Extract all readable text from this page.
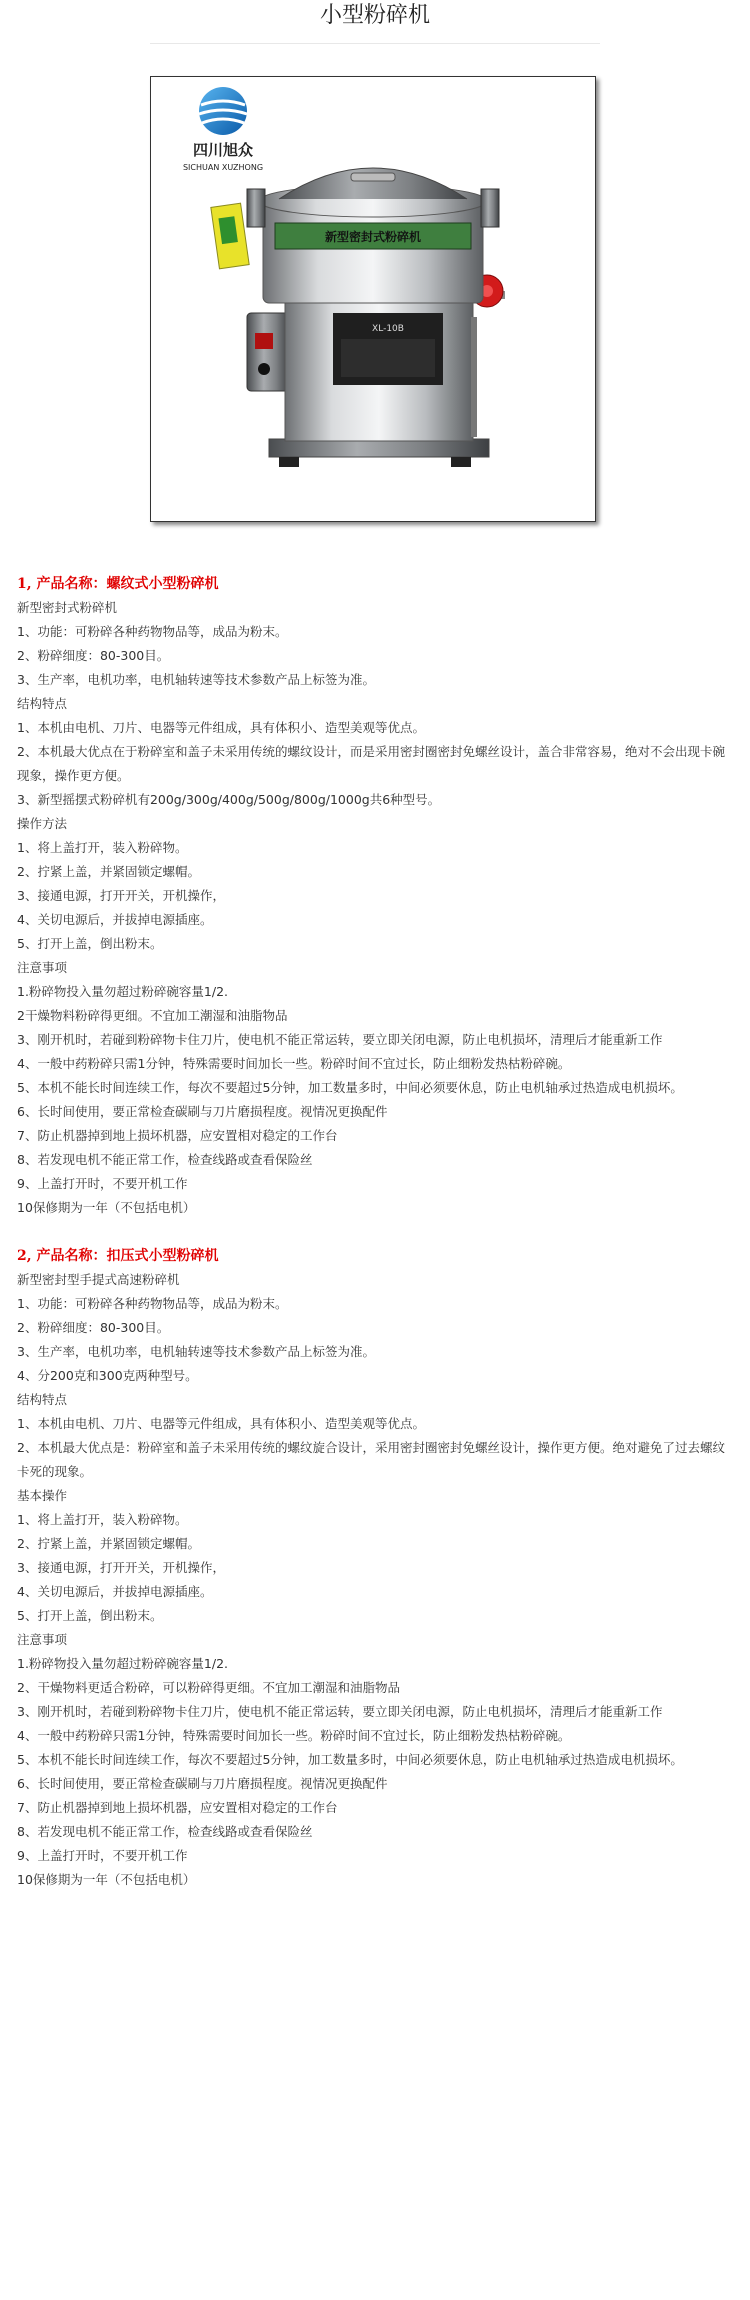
小型粉碎机
四川旭众
SICHUAN XUZHONG
XL-10B
新型密封式粉碎机
1, 产品名称：螺纹式小型粉碎机
新型密封式粉碎机
1、功能：可粉碎各种药物物品等，成品为粉末。
2、粉碎细度：80-300目。
3、生产率，电机功率，电机轴转速等技术参数产品上标签为准。
结构特点
1、本机由电机、刀片、电器等元件组成，具有体积小、造型美观等优点。
2、本机最大优点在于粉碎室和盖子未采用传统的螺纹设计，而是采用密封圈密封免螺丝设计，盖合非常容易，绝对不会出现卡碗现象，操作更方便。
3、新型摇摆式粉碎机有200g/300g/400g/500g/800g/1000g共6种型号。
操作方法
1、将上盖打开，装入粉碎物。
2、拧紧上盖，并紧固锁定螺帽。
3、接通电源，打开开关，开机操作，
4、关切电源后，并拔掉电源插座。
5、打开上盖，倒出粉末。
注意事项
1.粉碎物投入量勿超过粉碎碗容量1/2.
2干燥物料粉碎得更细。不宜加工潮湿和油脂物品
3、刚开机时，若碰到粉碎物卡住刀片，使电机不能正常运转，要立即关闭电源，防止电机损坏，清理后才能重新工作
4、一般中药粉碎只需1分钟，特殊需要时间加长一些。粉碎时间不宜过长，防止细粉发热枯粉碎碗。
5、本机不能长时间连续工作，每次不要超过5分钟，加工数量多时，中间必须要休息，防止电机轴承过热造成电机损坏。
6、长时间使用，要正常检查碳刷与刀片磨损程度。视情况更换配件
7、防止机器掉到地上损坏机器，应安置相对稳定的工作台
8、若发现电机不能正常工作，检查线路或查看保险丝
9、上盖打开时，不要开机工作
10保修期为一年（不包括电机）
2, 产品名称：扣压式小型粉碎机
新型密封型手提式高速粉碎机
1、功能：可粉碎各种药物物品等，成品为粉末。
2、粉碎细度：80-300目。
3、生产率，电机功率，电机轴转速等技术参数产品上标签为准。
4、分200克和300克两种型号。
结构特点
1、本机由电机、刀片、电器等元件组成，具有体积小、造型美观等优点。
2、本机最大优点是：粉碎室和盖子未采用传统的螺纹旋合设计，采用密封圈密封免螺丝设计，操作更方便。绝对避免了过去螺纹卡死的现象。
基本操作
1、将上盖打开，装入粉碎物。
2、拧紧上盖，并紧固锁定螺帽。
3、接通电源，打开开关，开机操作，
4、关切电源后，并拔掉电源插座。
5、打开上盖，倒出粉末。
注意事项
1.粉碎物投入量勿超过粉碎碗容量1/2.
2、干燥物料更适合粉碎，可以粉碎得更细。不宜加工潮湿和油脂物品
3、刚开机时，若碰到粉碎物卡住刀片，使电机不能正常运转，要立即关闭电源，防止电机损坏，清理后才能重新工作
4、一般中药粉碎只需1分钟，特殊需要时间加长一些。粉碎时间不宜过长，防止细粉发热枯粉碎碗。
5、本机不能长时间连续工作，每次不要超过5分钟，加工数量多时，中间必须要休息，防止电机轴承过热造成电机损坏。
6、长时间使用，要正常检查碳刷与刀片磨损程度。视情况更换配件
7、防止机器掉到地上损坏机器，应安置相对稳定的工作台
8、若发现电机不能正常工作，检查线路或查看保险丝
9、上盖打开时，不要开机工作
10保修期为一年（不包括电机）
